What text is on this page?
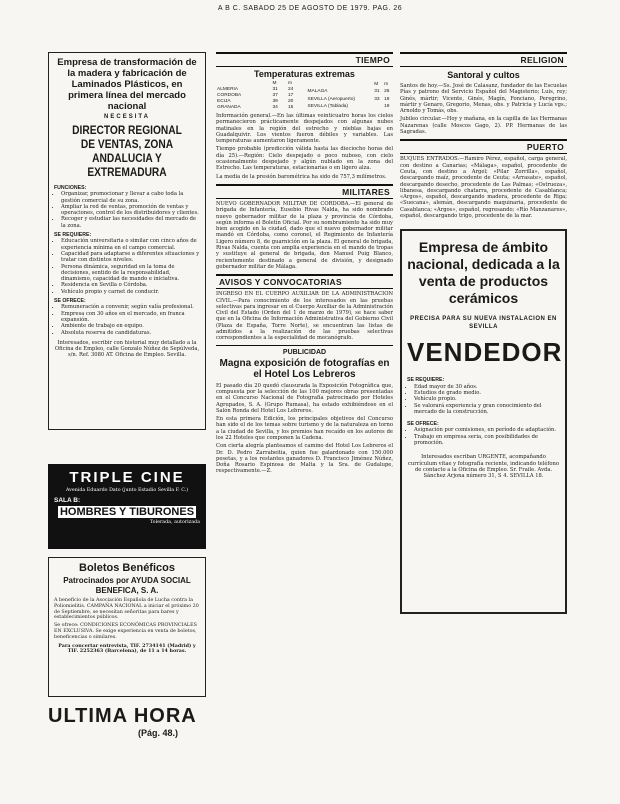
A B C. SABADO 25 DE AGOSTO DE 1979. PAG. 26
Empresa de transformación de la madera y fabricación de Laminados Plásticos, en primera línea del mercado nacional
NECESITA
DIRECTOR REGIONAL DE VENTAS, ZONA ANDALUCIA Y EXTREMADURA
FUNCIONES:
• Organizar, promocionar y llevar a cabo toda la gestión comercial de su zona.
• Ampliar la red de ventas, promoción de ventas y operaciones, control de los distribuidores y clientes.
• Recoger y estudiar las necesidades del mercado de la zona.
SE REQUIERE:
• Educación universitaria o similar con cinco años de experiencia mínima en el campo comercial.
• Capacidad para adaptarse a diferentes situaciones y tratar con distintos niveles.
• Persona dinámica, seguridad en la toma de decisiones, sentido de la responsabilidad, dinamismo, capacidad de mando e iniciativa.
• Residencia en Sevilla o Córdoba.
• Vehículo propio y carnet de conducir.
SE OFRECE:
• Remuneración a convenir, según valía profesional.
• Empresa con 30 años en el mercado, en franca expansión.
• Ambiente de trabajo en equipo.
• Absoluta reserva de candidaturas.
Interesados, escribir con historial muy detallado a la Oficina de Empleo, calle Gonzalo Núñez de Sepúlveda, s/n. Ref. 3080 AT. Oficina de Empleo. Sevilla.
TRIPLE CINE
Avenida Eduardo Dato (junto Estadio Sevilla F. C.)
SALA B:
HOMBRES Y TIBURONES
Tolerada, autorizada
Boletos Benéficos
Patrocinados por AYUDA SOCIAL BENEFICA, S. A.
A beneficio de la Asociación Española de Lucha contra la Poliomielitis. CAMPAÑA NACIONAL a iniciar el próximo 20 de Septiembre, se necesitan señoritas para bares y establecimientos públicos.
Se ofrece: CONDICIONES ECONÓMICAS PROVINCIALES EN EXCLUSIVA. Se exige experiencia en venta de boletos, beneficencias o similares.
Para concertar entrevista, TIF. 2734141 (Madrid) y TIF. 2252363 (Barcelona), de 11 a 14 horas.
ULTIMA HORA
(Pág. 48.)
TIEMPO
Temperaturas extremas
	M	m
ALMERIA	31	24
CORDOBA	37	17
ECIJA	39	20
GRANADA	34	15
	M	m
MALAGA	31	26
SEVILLA (Aeropuerto)	33	19
SEVILLA (Tablada)		19
Información general.—En las últimas veinticuatro horas los cielos permanecieron prácticamente despejados con algunas nubes matinales en la región del estrecho y nieblas bajas en Guadalquivir. Los vientos fueron débiles y variables. Las temperaturas aumentaron ligeramente.
Tiempo probable (predicción válida hasta las dieciocho horas del día 25).—Región: Cielo despejado o poco nuboso, con cielo ocasionalmente despejado y algún nublado en la zona del Estrecho. Las temperaturas, estacionarias o en ligero alza.
La media de la presión barométrica ha sido de 757,3 milímetros.
MILITARES
NUEVO GOBERNADOR MILITAR DE CORDOBA.—El general de brigada de Infantería, Eusebio Rivas Nalda, ha sido nombrado nuevo gobernador militar de la plaza y provincia de Córdoba, según informa el Boletín Oficial. Por su nombramiento ha sido muy bien acogido en la ciudad, dado que el nuevo gobernador militar mandó en Córdoba, como coronel, el Regimiento de Infantería Ligero número 8, de guarnición en la plaza. El general de brigada, Rivas Nalda, cuenta con amplia experiencia en el mando de tropas y sustituye al general de brigada, don Manuel Puig Blanco, recientemente destinado a general de división, y designado gobernador militar de Málaga.
AVISOS Y CONVOCATORIAS
INGRESO EN EL CUERPO AUXILIAR DE LA ADMINISTRACION CIVIL.—Para conocimiento de los interesados en las pruebas selectivas para ingresar en el Cuerpo Auxiliar de la Administración Civil del Estado (Orden del 1 de marzo de 1979), se hace saber que en la Oficina de Información Administrativa del Gobierno Civil (Plaza de España, Torre Norte), se encuentran las listas de admitidos a la realización de las pruebas selectivas correspondientes a la especialidad de mecanógrafo.
PUBLICIDAD
Magna exposición de fotografías en el Hotel Los Lebreros
El pasado día 20 quedó clausurada la Exposición Fotográfica que, compuesta por la selección de las 100 mejores obras presentadas en el Concurso Nacional de Fotografía patrocinado por Hoteles Agrupados, S. A. (Grupo Rumasa), ha estado exhibiéndose en el Salón Ronda del Hotel Los Lebreros.
En esta primera Edición, los principales objetivos del Concurso han sido el de los temas sobre turismo y de la naturaleza en torno a la ciudad de Sevilla, y los premios han recaído en los autores de los 22 Hoteles que componen la Cadena.
Con cierta alegría planteamos el camino del Hotel Los Lebreros el Dr. D. Pedro Zarrabeitia, quien fue galardonado con 150.000 pesetas, y a los restantes ganadores D. Francisco Jiménez Núñez, Doña Rosario Espinosa de Malta y la Sra. de Gudalupe, respectivamente.—Z.
RELIGION
Santoral y cultos
Santos de hoy.—Ss. José de Calasanz, fundador de las Escuelas Pías y patrono del Servicio Español del Magisterio; Luis, rey; Ginés, mártir; Vicente, Ginés, Magín, Fonciano, Peregrino, mártir y Genaro, Gregorio, Menas, obs. y Patricia y Lucía vgs.; Arnoldo y Tomás, obs.
Jubileo circular.—Hoy y mañana, en la capilla de las Hermanas Nazarenas (calle Moscos Gago, 2). PP. Hermanas de las Sagradas.
PUERTO
BUQUES ENTRADOS.—Ramiro Pérez, español, carga general, con destino a Canarias; «Málaga», español, procedente de Ceuta, con destino a Argel; «Pilar Zorrilla», español, descargando maíz, procedente de Ceuta; «Arrasate», español, descargando desecho, procedente de Las Palmas; «Ostrueza», libanesa, descargando chatarra, procedente de Casablanca; «Argos», español, descargando madera, procedente de Riga; «Suecana», alemán, descargando maquinaria, procedente de Casablanca; «Argos», español, regresando; «Río Manzanares», español, descargando trigo, procedente de la mar.
Empresa de ámbito nacional, dedicada a la venta de productos cerámicos
PRECISA PARA SU NUEVA INSTALACION EN SEVILLA
VENDEDOR
SE REQUIERE:
• Edad mayor de 30 años.
• Estudios de grado medio.
• Vehículo propio.
• Se valorará experiencia y gran conocimiento del mercado de la construcción.
SE OFRECE:
• Asignación por comisiones, en período de adaptación.
• Trabajo en empresa seria, con posibilidades de promoción.
Interesados escriban URGENTE, acompañando currículum vitae y fotografía reciente, indicando teléfono de contacto a la Oficina de Empleo. Sr. Fraile. Avda. Sánchez Arjona número 31, S 4. SEVILLA 18.
